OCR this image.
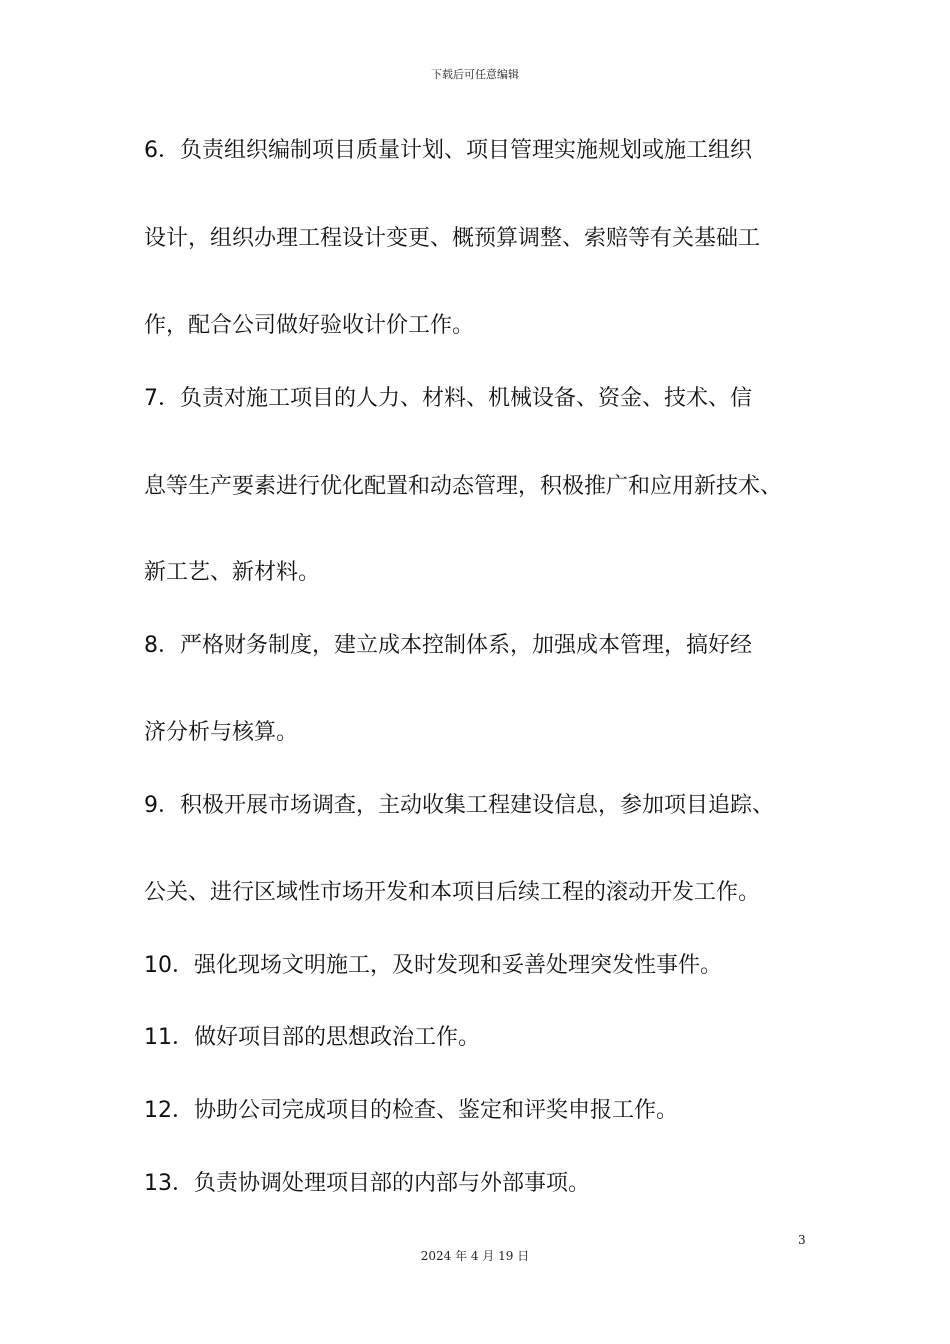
下载后可任意编辑
6．负责组织编制项目质量计划、项目管理实施规划或施工组织
设计，组织办理工程设计变更、概预算调整、索赔等有关基础工
作，配合公司做好验收计价工作。
7．负责对施工项目的人力、材料、机械设备、资金、技术、信
息等生产要素进行优化配置和动态管理，积极推广和应用新技术、
新工艺、新材料。
8．严格财务制度，建立成本控制体系，加强成本管理，搞好经
济分析与核算。
9．积极开展市场调查，主动收集工程建设信息，参加项目追踪、
公关、进行区域性市场开发和本项目后续工程的滚动开发工作。
10．强化现场文明施工，及时发现和妥善处理突发性事件。
11．做好项目部的思想政治工作。
12．协助公司完成项目的检查、鉴定和评奖申报工作。
13．负责协调处理项目部的内部与外部事项。
3
2024 年 4 月 19 日
